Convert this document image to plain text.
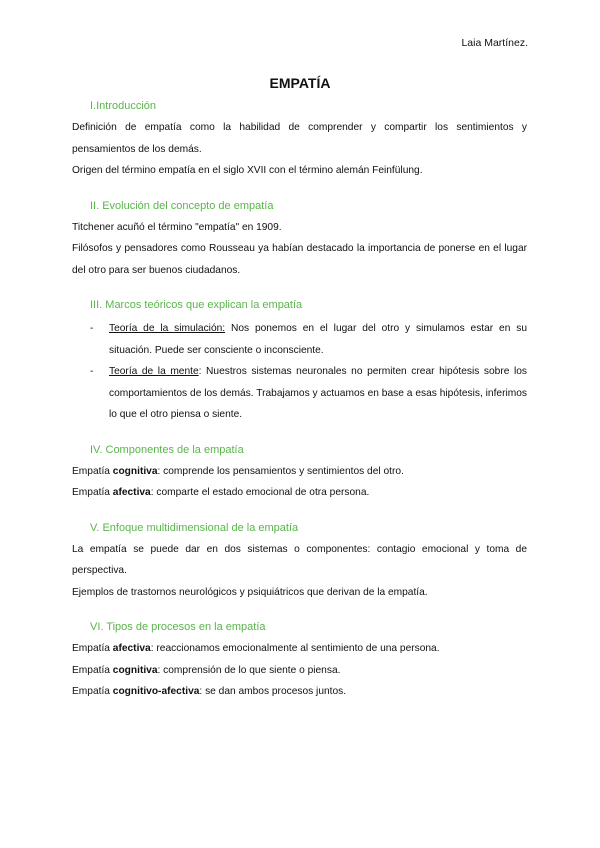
Laia Martínez.
EMPATÍA
I.Introducción
Definición de empatía como la habilidad de comprender y compartir los sentimientos y pensamientos de los demás.
Origen del término empatía en el siglo XVII con el término alemán Feinfülung.
II. Evolución del concepto de empatía
Titchener acuñó el término "empatía" en 1909.
Filósofos y pensadores como Rousseau ya habían destacado la importancia de ponerse en el lugar del otro para ser buenos ciudadanos.
III. Marcos teóricos que explican la empatía
- Teoría de la simulación: Nos ponemos en el lugar del otro y simulamos estar en su situación. Puede ser consciente o inconsciente.
- Teoría de la mente: Nuestros sistemas neuronales no permiten crear hipótesis sobre los comportamientos de los demás. Trabajamos y actuamos en base a esas hipótesis, inferimos lo que el otro piensa o siente.
IV. Componentes de la empatía
Empatía cognitiva: comprende los pensamientos y sentimientos del otro.
Empatía afectiva: comparte el estado emocional de otra persona.
V. Enfoque multidimensional de la empatía
La empatía se puede dar en dos sistemas o componentes: contagio emocional y toma de perspectiva.
Ejemplos de trastornos neurológicos y psiquiátricos que derivan de la empatía.
VI. Tipos de procesos en la empatía
Empatía afectiva: reaccionamos emocionalmente al sentimiento de una persona.
Empatía cognitiva: comprensión de lo que siente o piensa.
Empatía cognitivo-afectiva: se dan ambos procesos juntos.
